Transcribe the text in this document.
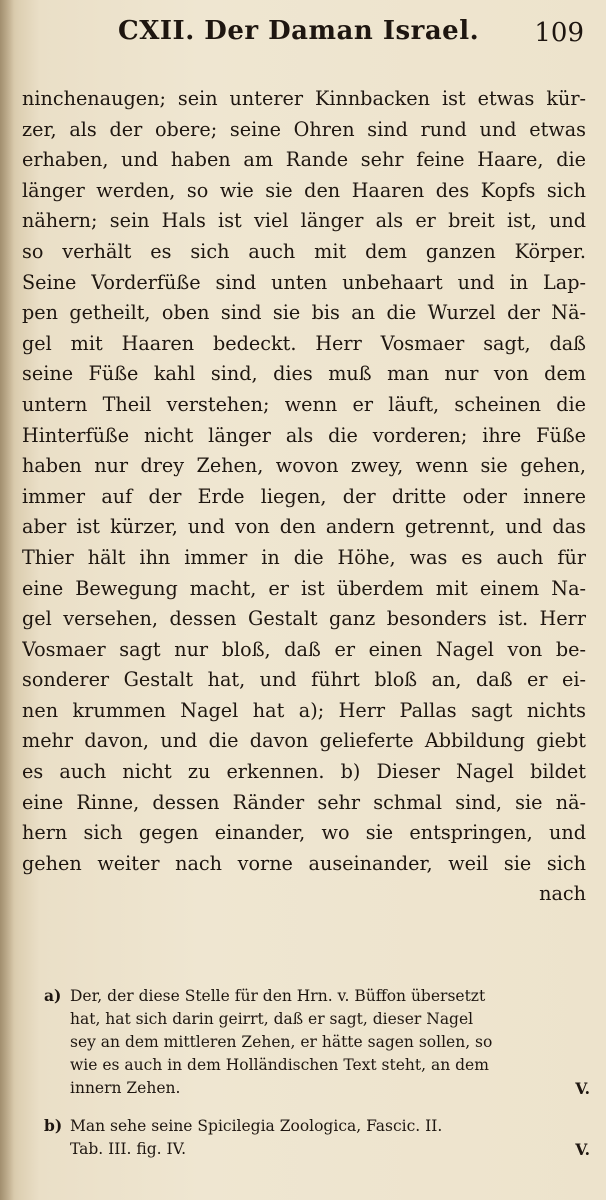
CXII. Der Daman Israel. 109
ninchenaugen; sein unterer Kinnbacken ist etwas kür-
zer, als der obere; seine Ohren sind rund und etwas
erhaben, und haben am Rande sehr feine Haare, die
länger werden, so wie sie den Haaren des Kopfs sich
nähern; sein Hals ist viel länger als er breit ist, und
so verhält es sich auch mit dem ganzen Körper.
Seine Vorderfüße sind unten unbehaart und in Lap-
pen getheilt, oben sind sie bis an die Wurzel der Nä-
gel mit Haaren bedeckt. Herr Vosmaer sagt, daß
seine Füße kahl sind, dies muß man nur von dem
untern Theil verstehen; wenn er läuft, scheinen die
Hinterfüße nicht länger als die vorderen; ihre Füße
haben nur drey Zehen, wovon zwey, wenn sie gehen,
immer auf der Erde liegen, der dritte oder innere
aber ist kürzer, und von den andern getrennt, und das
Thier hält ihn immer in die Höhe, was es auch für
eine Bewegung macht, er ist überdem mit einem Na-
gel versehen, dessen Gestalt ganz besonders ist. Herr
Vosmaer sagt nur bloß, daß er einen Nagel von be-
sonderer Gestalt hat, und führt bloß an, daß er ei-
nen krummen Nagel hat a); Herr Pallas sagt nichts
mehr davon, und die davon gelieferte Abbildung giebt
es auch nicht zu erkennen. b) Dieser Nagel bildet
eine Rinne, dessen Ränder sehr schmal sind, sie nä-
hern sich gegen einander, wo sie entspringen, und
gehen weiter nach vorne auseinander, weil sie sich
nach
a) Der, der diese Stelle für den Hrn. v. Büffon übersetzt
hat, hat sich darin geirrt, daß er sagt, dieser Nagel
sey an dem mittleren Zehen, er hätte sagen sollen, so
wie es auch in dem Holländischen Text steht, an dem
innern Zehen.	V.
b) Man sehe seine Spicilegia Zoologica, Fascic. II.
Tab. III. fig. IV.	V.
